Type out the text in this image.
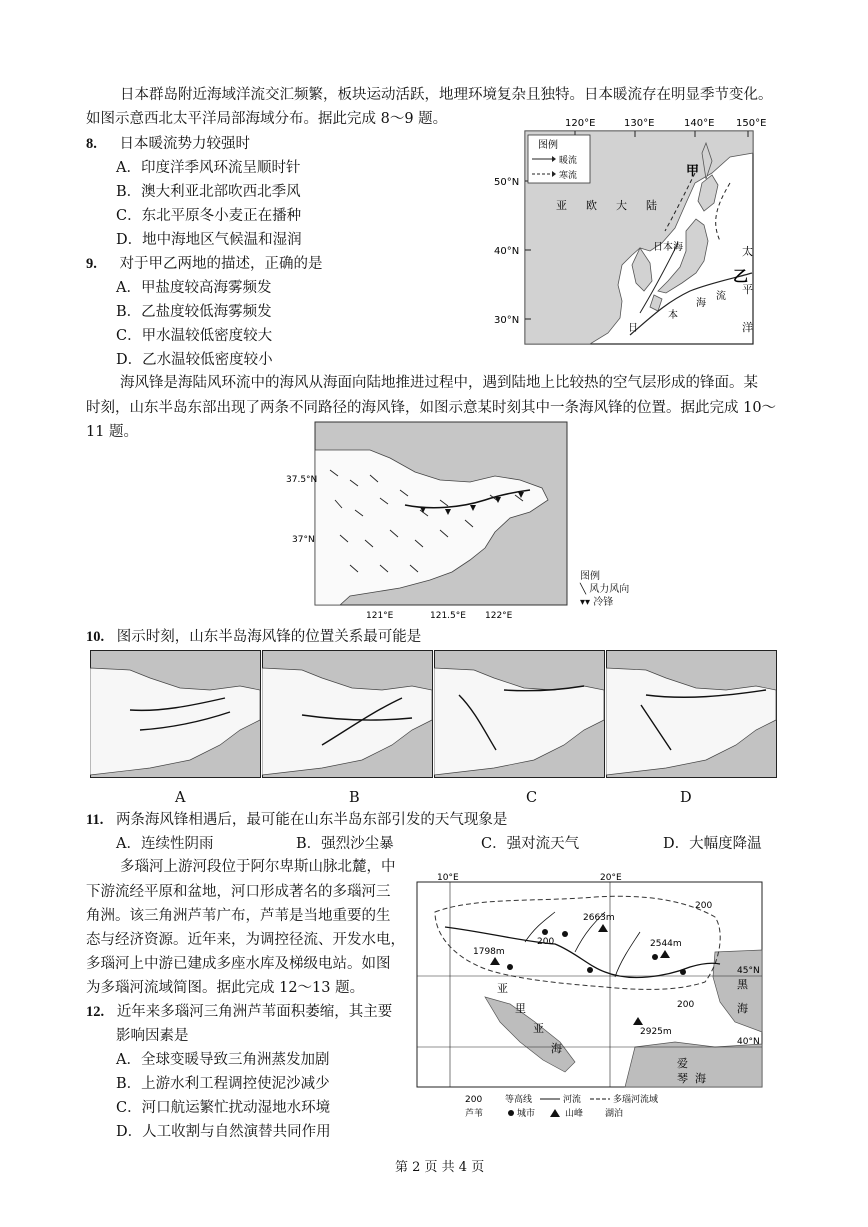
日本群岛附近海域洋流交汇频繁，板块运动活跃，地理环境复杂且独特。日本暖流存在明显季节变化。
如图示意西北太平洋局部海域分布。据此完成 8～9 题。
8. 日本暖流势力较强时
A．印度洋季风环流呈顺时针
B．澳大利亚北部吹西北季风
C．东北平原冬小麦正在播种
D．地中海地区气候温和湿润
9. 对于甲乙两地的描述，正确的是
A．甲盐度较高海雾频发
B．乙盐度较低海雾频发
C．甲水温较低密度较大
D．乙水温较低密度较小
120°E	130°E	140°E 150°E
50°N
40°N
30°N
图例
暖流
寒流
亚 欧 大 陆
甲
乙
日本海	太
平
洋
日
本
海
流
海风锋是海陆风环流中的海风从海面向陆地推进过程中，遇到陆地上比较热的空气层形成的锋面。某
时刻，山东半岛东部出现了两条不同路径的海风锋，如图示意某时刻其中一条海风锋的位置。据此完成 10～
11 题。
37.5°N
37°N
121°E	121.5°E 122°E
图例
╲ 风力风向
▾▾ 冷锋
10. 图示时刻，山东半岛海风锋的位置关系最可能是
A	B	C	D
11. 两条海风锋相遇后，最可能在山东半岛东部引发的天气现象是
A．连续性阴雨	B．强烈沙尘暴	C．强对流天气	D．大幅度降温
多瑙河上游河段位于阿尔卑斯山脉北麓，中
下游流经平原和盆地，河口形成著名的多瑙河三
角洲。该三角洲芦苇广布，芦苇是当地重要的生
态与经济资源。近年来，为调控径流、开发水电，
多瑙河上中游已建成多座水库及梯级电站。如图
为多瑙河流域简图。据此完成 12～13 题。
12. 近年来多瑙河三角洲芦苇面积萎缩，其主要
影响因素是
A．全球变暖导致三角洲蒸发加剧
B．上游水利工程调控使泥沙减少
C．河口航运繁忙扰动湿地水环境
D．人工收割与自然演替共同作用
10°E	20°E
45°N
40°N
2663m
1798m
2544m
2925m
200
200
200
黑
海
亚
里
亚
海
爱
琴 海
200	等高线	河流	多瑙河流域
芦苇	城市	山峰 湖泊
第 2 页 共 4 页
